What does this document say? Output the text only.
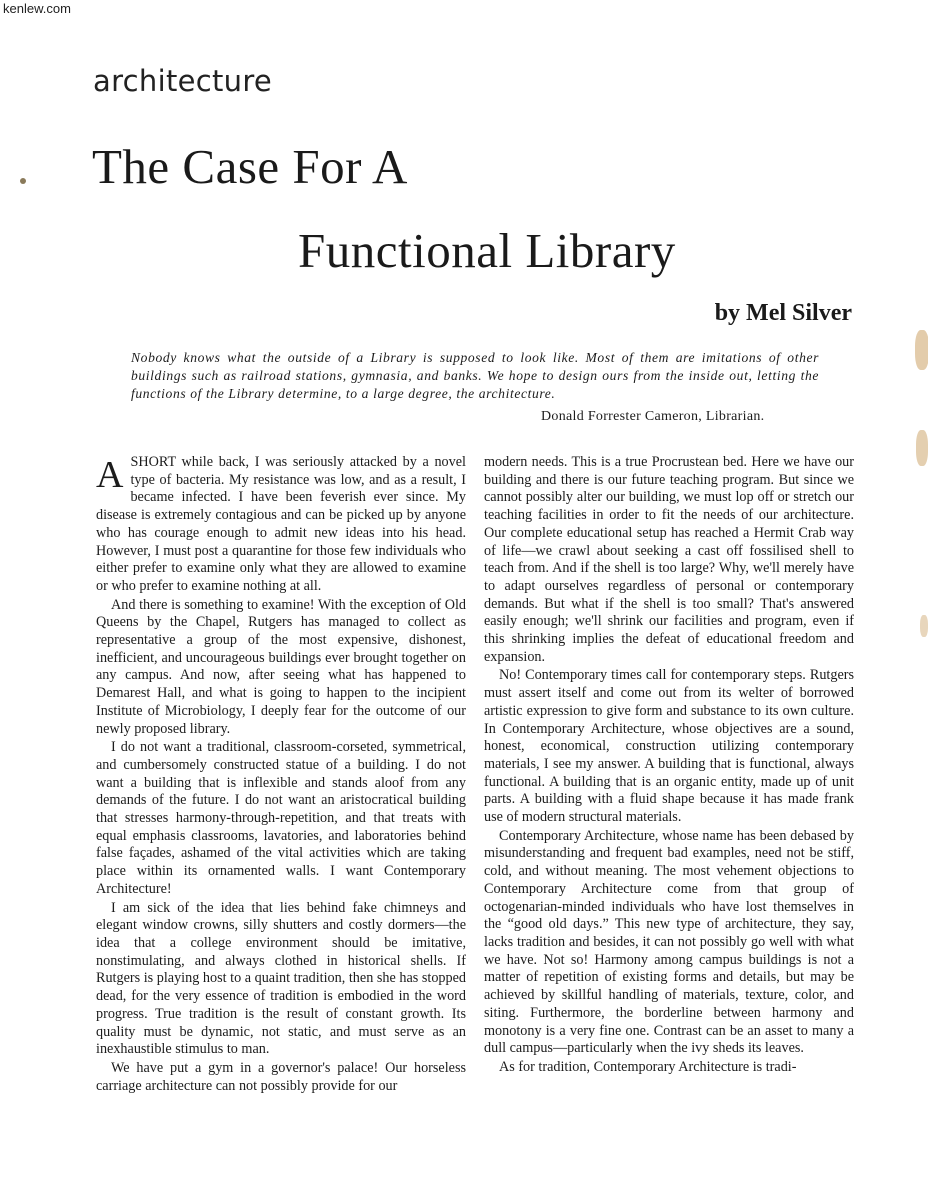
kenlew.com
architecture
The Case For A
Functional Library
by Mel Silver

Nobody knows what the outside of a Library is supposed to look like. Most of them are imitations of other buildings such as railroad stations, gymnasia, and banks. We hope to design ours from the inside out, letting the functions of the Library determine, to a large degree, the architecture.

Donald Forrester Cameron, Librarian.

ASHORT while back, I was seriously attacked by a novel type of bacteria. My resistance was low, and as a result, I became infected. I have been feverish ever since. My disease is extremely contagious and can be picked up by anyone who has courage enough to admit new ideas into his head. However, I must post a quarantine for those few individuals who either prefer to examine only what they are allowed to examine or who prefer to examine nothing at all.

And there is something to examine! With the exception of Old Queens by the Chapel, Rutgers has managed to collect as representative a group of the most expensive, dishonest, inefficient, and uncourageous buildings ever brought together on any campus. And now, after seeing what has happened to Demarest Hall, and what is going to happen to the incipient Institute of Microbiology, I deeply fear for the outcome of our newly proposed library.

I do not want a traditional, classroom-corseted, symmetrical, and cumbersomely constructed statue of a building. I do not want a building that is inflexible and stands aloof from any demands of the future. I do not want an aristocratical building that stresses harmony-through-repetition, and that treats with equal emphasis classrooms, lavatories, and laboratories behind false façades, ashamed of the vital activities which are taking place within its ornamented walls. I want Contemporary Architecture!

I am sick of the idea that lies behind fake chimneys and elegant window crowns, silly shutters and costly dormers—the idea that a college environment should be imitative, nonstimulating, and always clothed in historical shells. If Rutgers is playing host to a quaint tradition, then she has stopped dead, for the very essence of tradition is embodied in the word progress. True tradition is the result of constant growth. Its quality must be dynamic, not static, and must serve as an inexhaustible stimulus to man.

We have put a gym in a governor's palace! Our horseless carriage architecture can not possibly provide for our

modern needs. This is a true Procrustean bed. Here we have our building and there is our future teaching program. But since we cannot possibly alter our building, we must lop off or stretch our teaching facilities in order to fit the needs of our architecture. Our complete educational setup has reached a Hermit Crab way of life—we crawl about seeking a cast off fossilised shell to teach from. And if the shell is too large? Why, we'll merely have to adapt ourselves regardless of personal or contemporary demands. But what if the shell is too small? That's answered easily enough; we'll shrink our facilities and program, even if this shrinking implies the defeat of educational freedom and expansion.

No! Contemporary times call for contemporary steps. Rutgers must assert itself and come out from its welter of borrowed artistic expression to give form and substance to its own culture. In Contemporary Architecture, whose objectives are a sound, honest, economical, construction utilizing contemporary materials, I see my answer. A building that is functional, always functional. A building that is an organic entity, made up of unit parts. A building with a fluid shape because it has made frank use of modern structural materials.

Contemporary Architecture, whose name has been debased by misunderstanding and frequent bad examples, need not be stiff, cold, and without meaning. The most vehement objections to Contemporary Architecture come from that group of octogenarian-minded individuals who have lost themselves in the “good old days.” This new type of architecture, they say, lacks tradition and besides, it can not possibly go well with what we have. Not so! Harmony among campus buildings is not a matter of repetition of existing forms and details, but may be achieved by skillful handling of materials, texture, color, and siting. Furthermore, the borderline between harmony and monotony is a very fine one. Contrast can be an asset to many a dull campus—particularly when the ivy sheds its leaves.

As for tradition, Contemporary Architecture is tradi-
